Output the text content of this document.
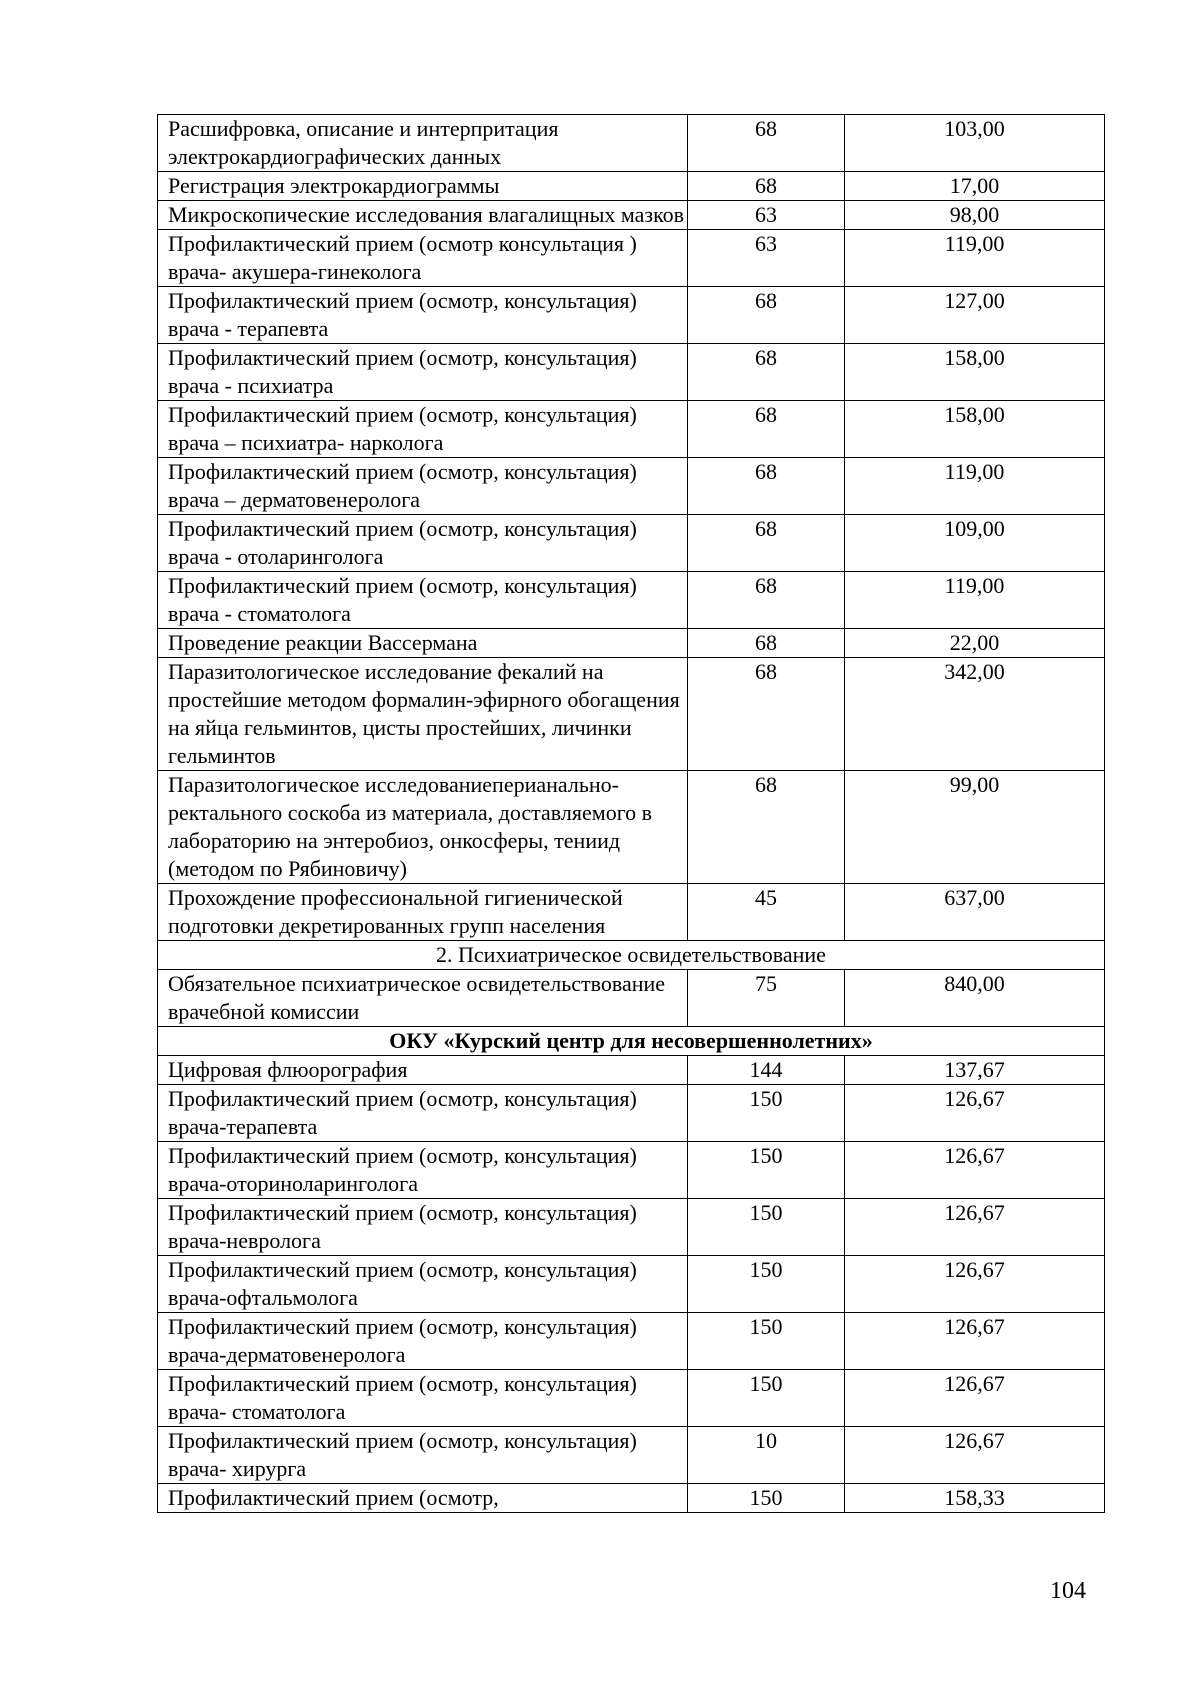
Расшифровка, описание и интерпритация электрокардиографических данных	68	103,00
Регистрация электрокардиограммы	68	17,00
Микроскопические исследования влагалищных мазков	63	98,00
Профилактический прием (осмотр консультация ) врача- акушера-гинеколога	63	119,00
Профилактический прием (осмотр, консультация) врача - терапевта	68	127,00
Профилактический прием (осмотр, консультация) врача - психиатра	68	158,00
Профилактический прием (осмотр, консультация) врача – психиатра- нарколога	68	158,00
Профилактический прием (осмотр, консультация) врача – дерматовенеролога	68	119,00
Профилактический прием (осмотр, консультация) врача - отоларинголога	68	109,00
Профилактический прием (осмотр, консультация) врача - стоматолога	68	119,00
Проведение реакции Вассермана	68	22,00
Паразитологическое исследование фекалий на простейшие методом формалин-эфирного обогащения на яйца гельминтов, цисты простейших, личинки гельминтов	68	342,00
Паразитологическое исследованиеперианально-ректального соскоба из материала, доставляемого в лабораторию на энтеробиоз, онкосферы, тениид (методом по Рябиновичу)	68	99,00
Прохождение профессиональной гигиенической подготовки декретированных групп населения	45	637,00
2. Психиатрическое освидетельствование		
Обязательное психиатрическое освидетельствование врачебной комиссии	75	840,00
ОКУ «Курский центр для несовершеннолетних»		
Цифровая флюорография	144	137,67
Профилактический прием (осмотр, консультация) врача-терапевта	150	126,67
Профилактический прием (осмотр, консультация) врача-оториноларинголога	150	126,67
Профилактический прием (осмотр, консультация) врача-невролога	150	126,67
Профилактический прием (осмотр, консультация) врача-офтальмолога	150	126,67
Профилактический прием (осмотр, консультация) врача-дерматовенеролога	150	126,67
Профилактический прием (осмотр, консультация) врача- стоматолога	150	126,67
Профилактический прием (осмотр, консультация) врача- хирурга	10	126,67
Профилактический прием (осмотр,	150	158,33
104
